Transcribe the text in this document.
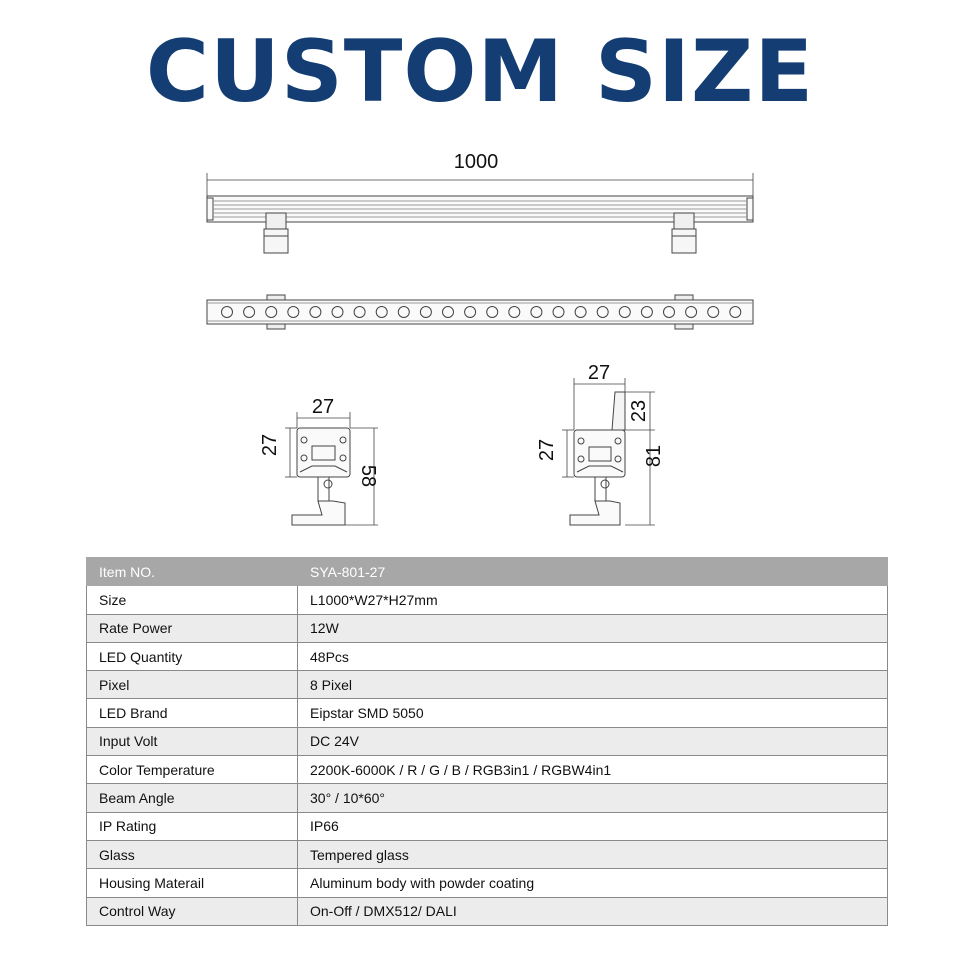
CUSTOM SIZE
1000
27
27
58
27
23
27	81
Item NO.	SYA-801-27
Size	L1000*W27*H27mm
Rate Power	12W
LED Quantity	48Pcs
Pixel	8 Pixel
LED Brand	Eipstar SMD 5050
Input Volt	DC 24V
Color Temperature	2200K-6000K / R / G / B / RGB3in1 / RGBW4in1
Beam Angle	30° / 10*60°
IP Rating	IP66
Glass	Tempered glass
Housing Materail	Aluminum body with powder coating
Control Way	On-Off / DMX512/ DALI
